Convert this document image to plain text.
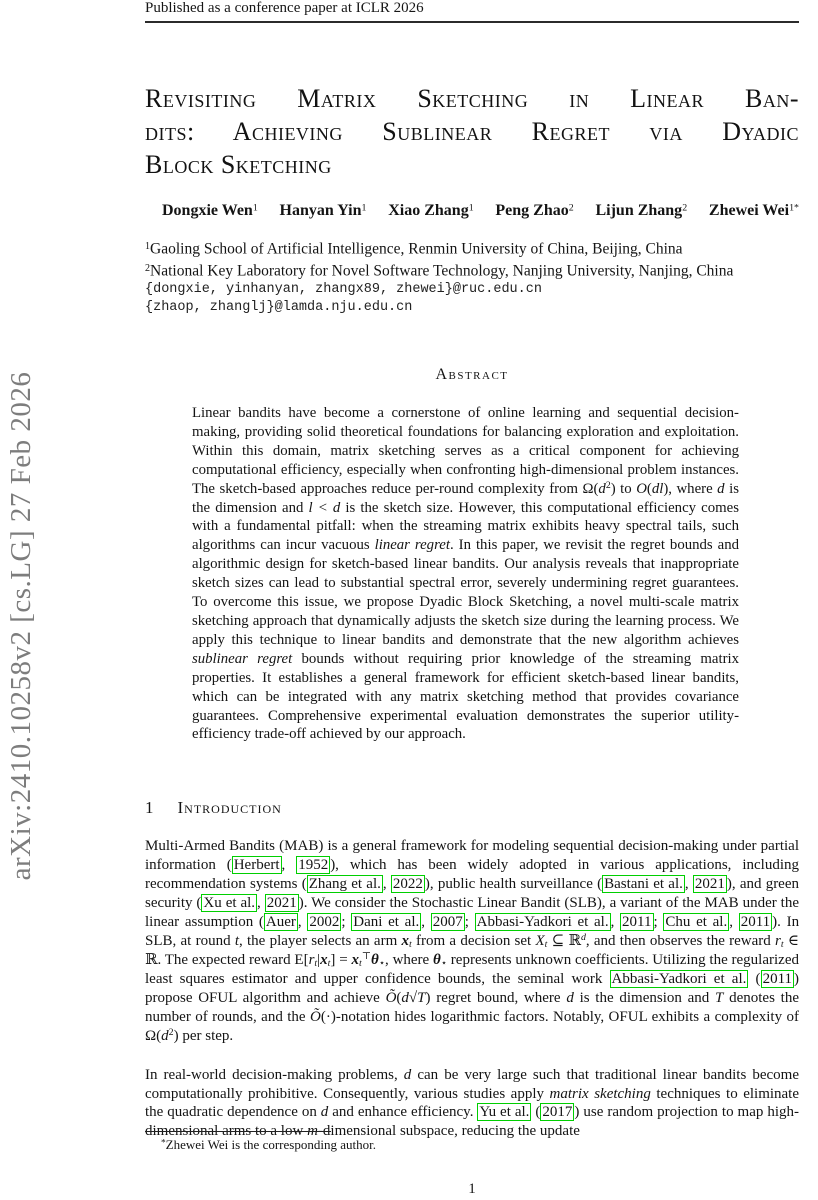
Published as a conference paper at ICLR 2026
arXiv:2410.10258v2 [cs.LG] 27 Feb 2026
Revisiting Matrix Sketching in Linear Ban-
dits: Achieving Sublinear Regret via Dyadic
Block Sketching
Dongxie Wen$^1$ Hanyan Yin$^1$ Xiao Zhang$^1$ Peng Zhao$^2$ Lijun Zhang$^2$ Zhewei Wei$^{1*}$
$^1$Gaoling School of Artificial Intelligence, Renmin University of China, Beijing, China
$^2$National Key Laboratory for Novel Software Technology, Nanjing University, Nanjing, China
{dongxie, yinhanyan, zhangx89, zhewei}@ruc.edu.cn
{zhaop, zhanglj}@lamda.nju.edu.cn
Abstract
Linear bandits have become a cornerstone of online learning and sequential decision-making, providing solid theoretical foundations for balancing exploration and exploitation. Within this domain, matrix sketching serves as a critical component for achieving computational efficiency, especially when confronting high-dimensional problem instances. The sketch-based approaches reduce per-round complexity from $\Omega(d^2)$ to O(dl), where d is the dimension and l < d is the sketch size. However, this computational efficiency comes with a fundamental pitfall: when the streaming matrix exhibits heavy spectral tails, such algorithms can incur vacuous linear regret. In this paper, we revisit the regret bounds and algorithmic design for sketch-based linear bandits. Our analysis reveals that inappropriate sketch sizes can lead to substantial spectral error, severely undermining regret guarantees. To overcome this issue, we propose Dyadic Block Sketching, a novel multi-scale matrix sketching approach that dynamically adjusts the sketch size during the learning process. We apply this technique to linear bandits and demonstrate that the new algorithm achieves sublinear regret bounds without requiring prior knowledge of the streaming matrix properties. It establishes a general framework for efficient sketch-based linear bandits, which can be integrated with any matrix sketching method that provides covariance guarantees. Comprehensive experimental evaluation demonstrates the superior utility-efficiency trade-off achieved by our approach.
1 Introduction
Multi-Armed Bandits (MAB) is a general framework for modeling sequential decision-making under partial information ( Herbert , 1952 ), which has been widely adopted in various applications, including recommendation systems ( Zhang et al. , 2022 ), public health surveillance ( Bastani et al. , 2021 ), and green security ( Xu et al. , 2021 ). We consider the Stochastic Linear Bandit (SLB), a variant of the MAB under the linear assumption ( Auer , 2002 ; Dani et al. , 2007 ; Abbasi-Yadkori et al. , 2011 ; Chu et al. , 2011 ). In SLB, at round t, the player selects an arm xt from a decision set Xt ⊆ ℝ$^d$, and then observes the reward rt ∈ ℝ. The expected reward E[rt|xt] = xt⊤θ⋆, where θ⋆ represents unknown coefficients. Utilizing the regularized least squares estimator and upper confidence bounds, the seminal work Abbasi-Yadkori et al. ( 2011 ) propose OFUL algorithm and achieve Õ(d√T) regret bound, where d is the dimension and T denotes the number of rounds, and the Õ(·)-notation hides logarithmic factors. Notably, OFUL exhibits a complexity of $\Omega(d^2)$ per step.
In real-world decision-making problems, d can be very large such that traditional linear bandits become computationally prohibitive. Consequently, various studies apply matrix sketching techniques to eliminate the quadratic dependence on d and enhance efficiency. Yu et al. ( 2017 ) use random projection to map high-dimensional arms to a low m-dimensional subspace, reducing the update
*Zhewei Wei is the corresponding author.
1
